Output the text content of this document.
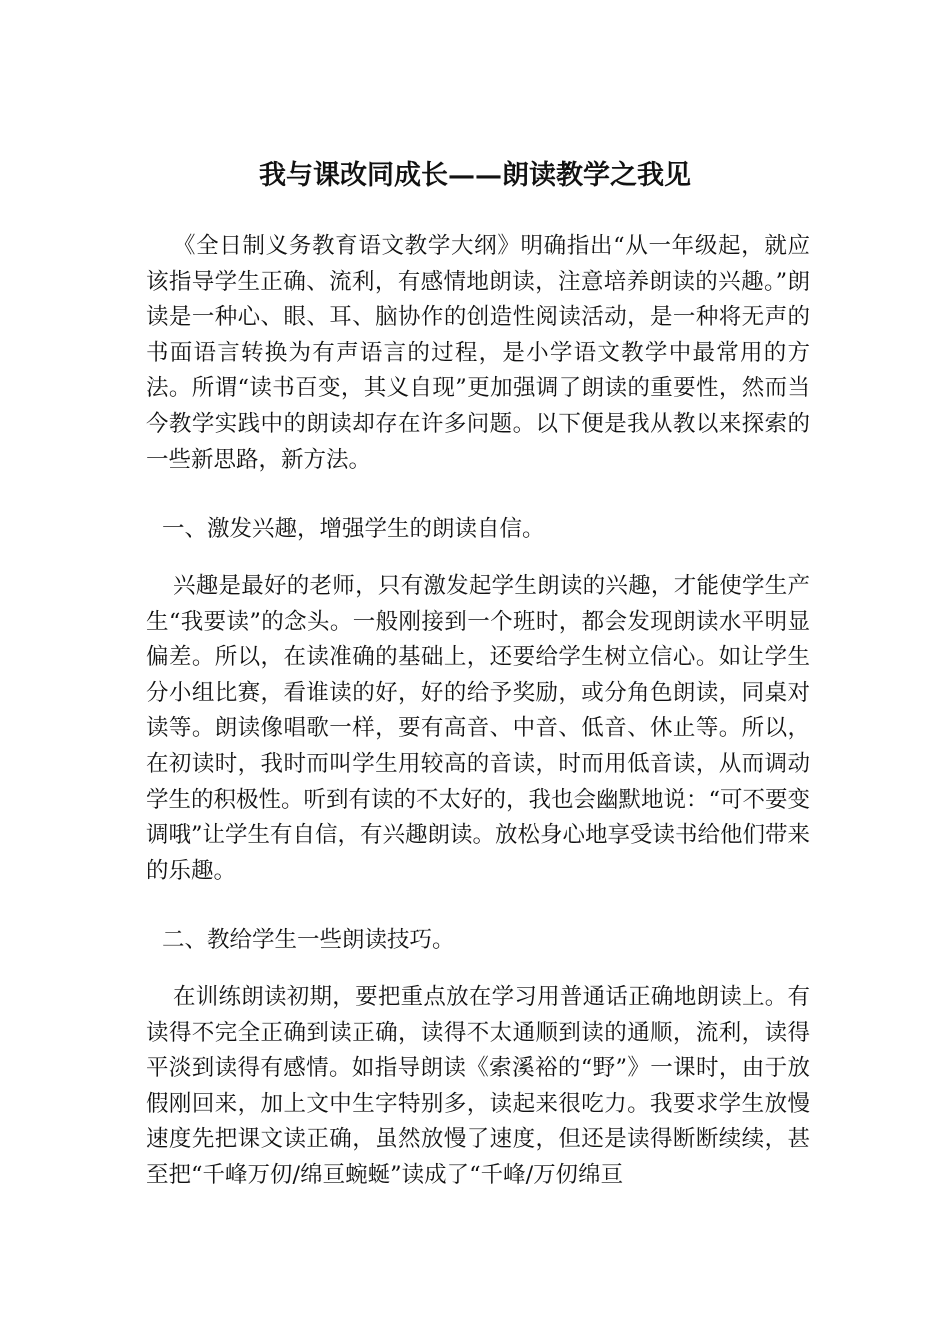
我与课改同成长——朗读教学之我见
《全日制义务教育语文教学大纲》明确指出“从一年级起，就应该指导学生正确、流利，有感情地朗读，注意培养朗读的兴趣。”朗读是一种心、眼、耳、脑协作的创造性阅读活动，是一种将无声的书面语言转换为有声语言的过程，是小学语文教学中最常用的方法。所谓“读书百变，其义自现”更加强调了朗读的重要性，然而当今教学实践中的朗读却存在许多问题。以下便是我从教以来探索的一些新思路，新方法。
一、激发兴趣，增强学生的朗读自信。
兴趣是最好的老师，只有激发起学生朗读的兴趣，才能使学生产生“我要读”的念头。一般刚接到一个班时，都会发现朗读水平明显偏差。所以，在读准确的基础上，还要给学生树立信心。如让学生分小组比赛，看谁读的好，好的给予奖励，或分角色朗读，同桌对读等。朗读像唱歌一样，要有高音、中音、低音、休止等。所以，在初读时，我时而叫学生用较高的音读，时而用低音读，从而调动学生的积极性。听到有读的不太好的，我也会幽默地说：“可不要变调哦”让学生有自信，有兴趣朗读。放松身心地享受读书给他们带来的乐趣。
二、教给学生一些朗读技巧。
在训练朗读初期，要把重点放在学习用普通话正确地朗读上。有读得不完全正确到读正确，读得不太通顺到读的通顺，流利，读得平淡到读得有感情。如指导朗读《索溪裕的“野”》一课时，由于放假刚回来，加上文中生字特别多，读起来很吃力。我要求学生放慢速度先把课文读正确，虽然放慢了速度，但还是读得断断续续，甚至把“千峰万仞/绵亘蜿蜒”读成了“千峰/万仞绵亘
